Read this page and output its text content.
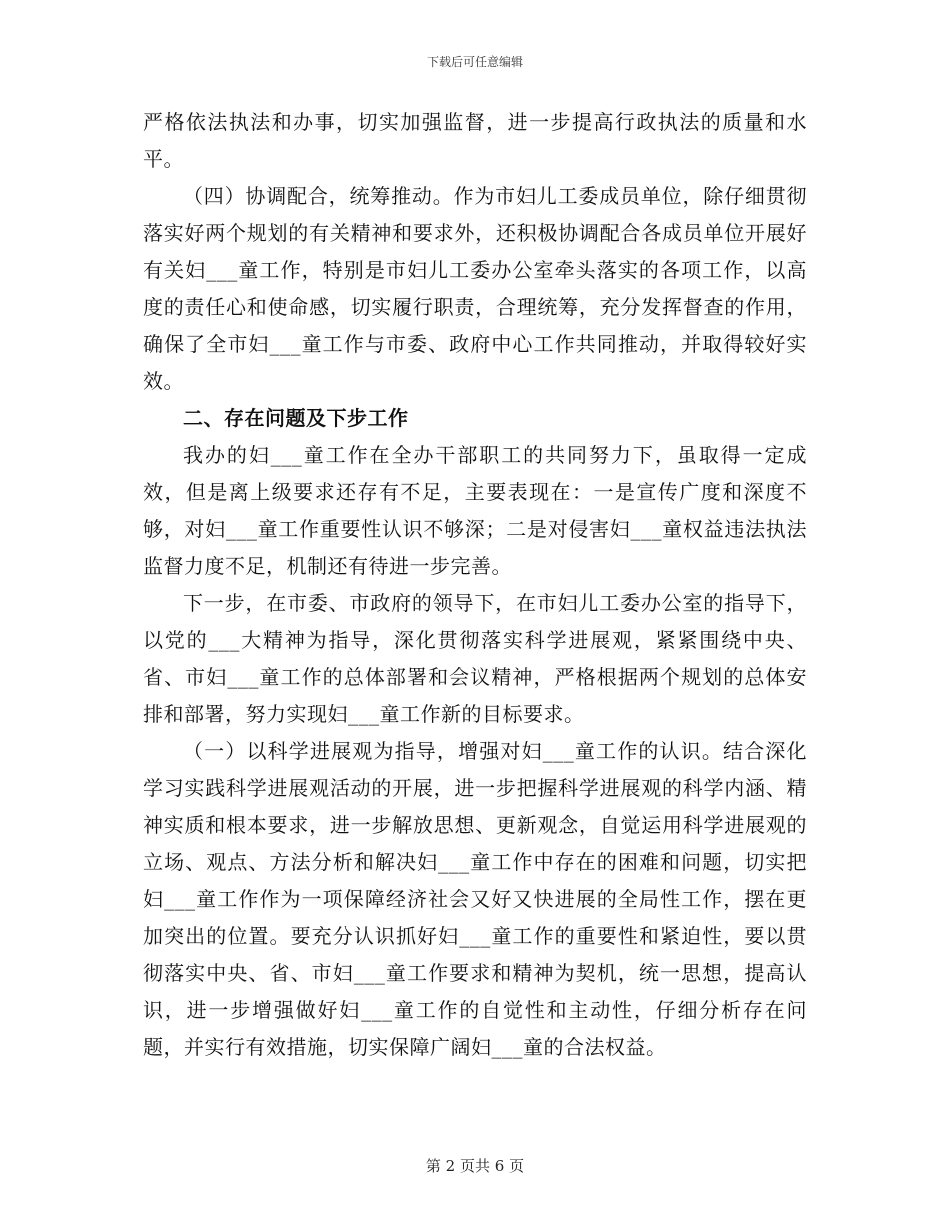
下载后可任意编辑

严格依法执法和办事，切实加强监督，进一步提高行政执法的质量和水平。

（四）协调配合，统筹推动。作为市妇儿工委成员单位，除仔细贯彻落实好两个规划的有关精神和要求外，还积极协调配合各成员单位开展好有关妇___童工作，特别是市妇儿工委办公室牵头落实的各项工作，以高度的责任心和使命感，切实履行职责，合理统筹，充分发挥督查的作用，确保了全市妇___童工作与市委、政府中心工作共同推动，并取得较好实效。

二、存在问题及下步工作

我办的妇___童工作在全办干部职工的共同努力下，虽取得一定成效，但是离上级要求还存有不足，主要表现在：一是宣传广度和深度不够，对妇___童工作重要性认识不够深；二是对侵害妇___童权益违法执法监督力度不足，机制还有待进一步完善。

下一步，在市委、市政府的领导下，在市妇儿工委办公室的指导下，以党的___大精神为指导，深化贯彻落实科学进展观，紧紧围绕中央、省、市妇___童工作的总体部署和会议精神，严格根据两个规划的总体安排和部署，努力实现妇___童工作新的目标要求。

（一）以科学进展观为指导，增强对妇___童工作的认识。结合深化学习实践科学进展观活动的开展，进一步把握科学进展观的科学内涵、精神实质和根本要求，进一步解放思想、更新观念，自觉运用科学进展观的立场、观点、方法分析和解决妇___童工作中存在的困难和问题，切实把妇___童工作作为一项保障经济社会又好又快进展的全局性工作，摆在更加突出的位置。要充分认识抓好妇___童工作的重要性和紧迫性，要以贯彻落实中央、省、市妇___童工作要求和精神为契机，统一思想，提高认识，进一步增强做好妇___童工作的自觉性和主动性，仔细分析存在问题，并实行有效措施，切实保障广阔妇___童的合法权益。

第 2 页共 6 页
